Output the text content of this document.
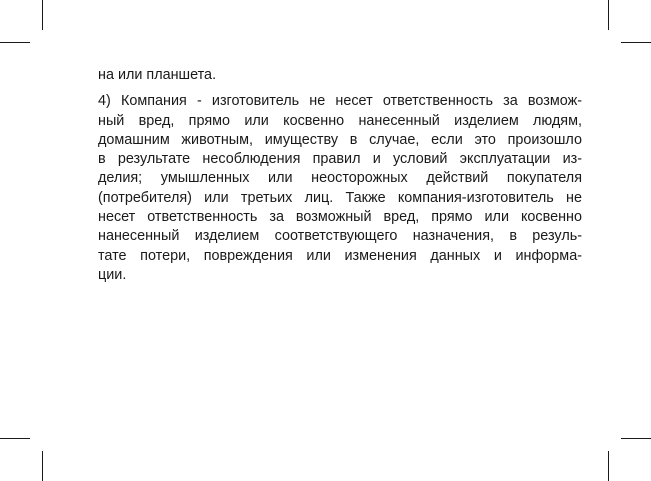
на или планшета.
4) Компания - изготовитель не несет ответственность за возмож-
ный вред, прямо или косвенно нанесенный изделием людям,
домашним животным, имуществу в случае, если это произошло
в результате несоблюдения правил и условий эксплуатации из-
делия; умышленных или неосторожных действий покупателя
(потребителя) или третьих лиц. Также компания-изготовитель не
несет ответственность за возможный вред, прямо или косвенно
нанесенный изделием соответствующего назначения, в резуль-
тате потери, повреждения или изменения данных и информа-
ции.
